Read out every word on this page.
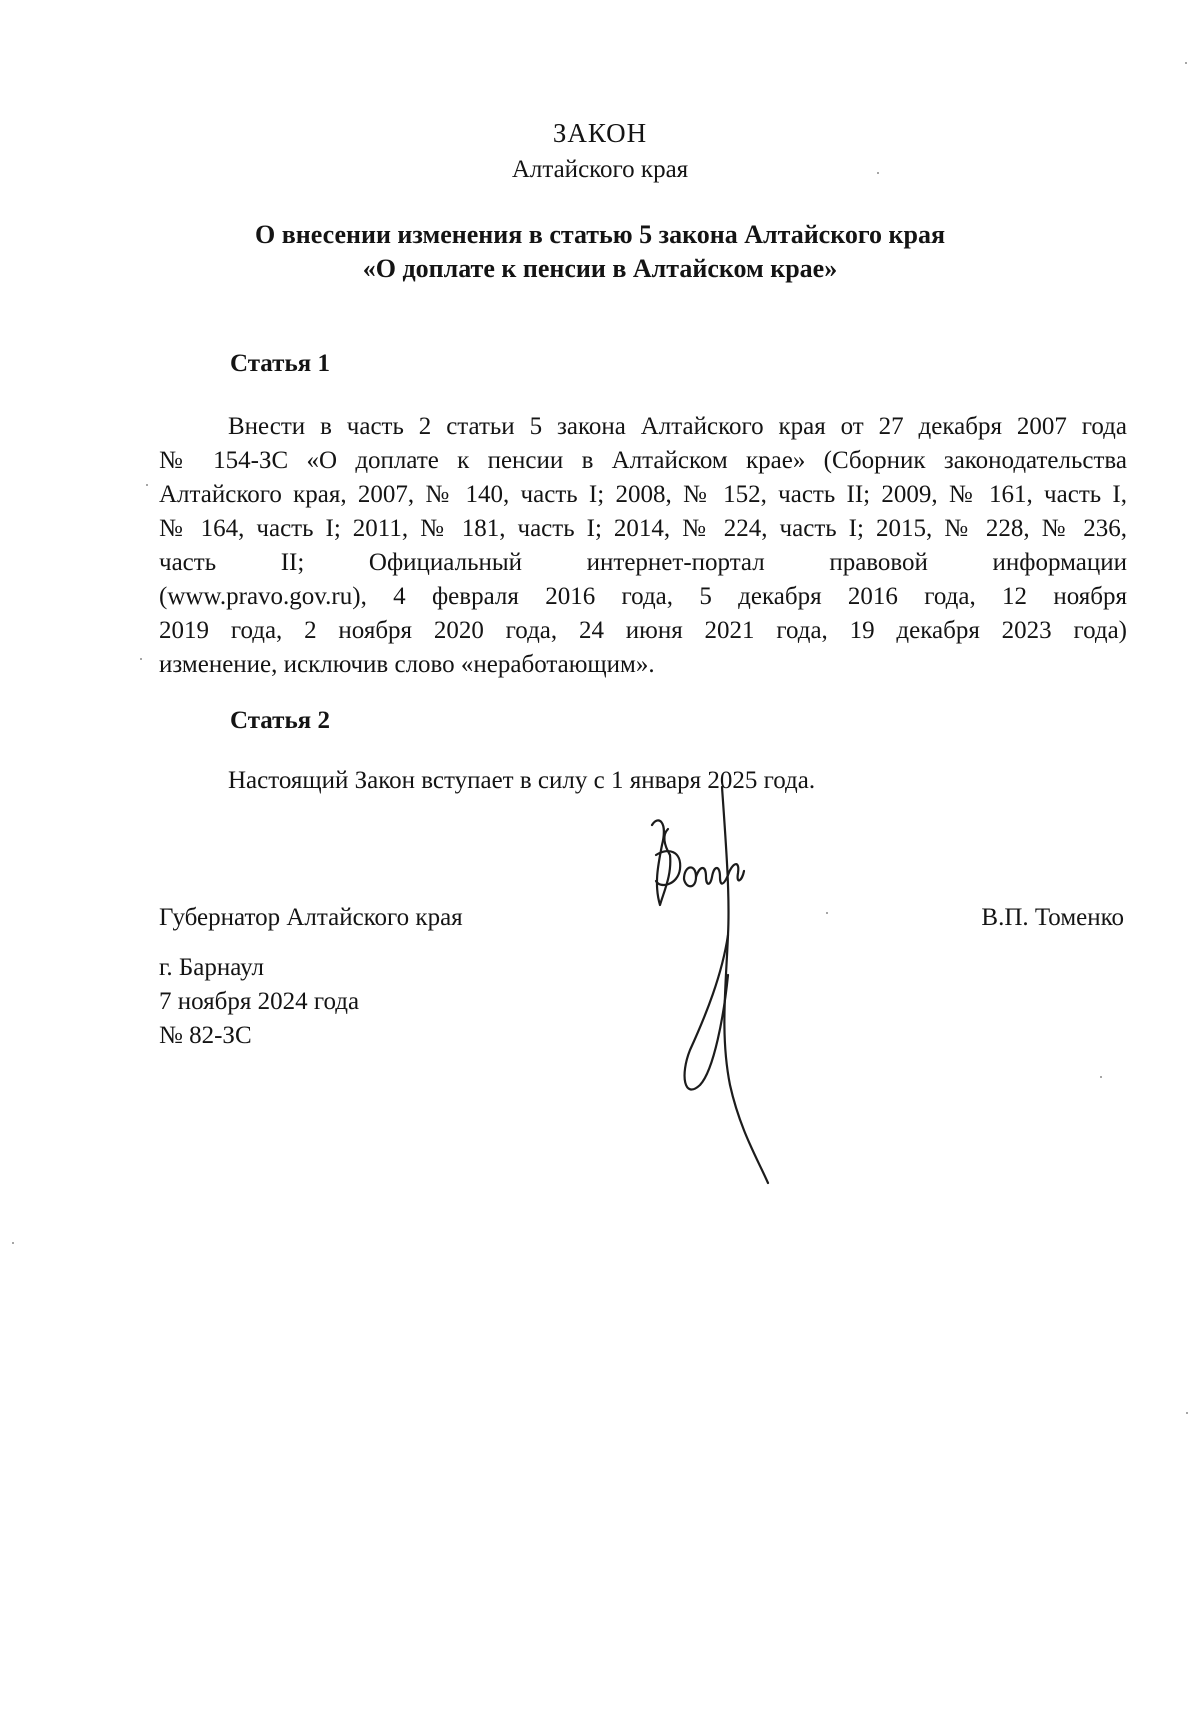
ЗАКОН
Алтайского края
О внесении изменения в статью 5 закона Алтайского края
«О доплате к пенсии в Алтайском крае»
Статья 1
Внести в часть 2 статьи 5 закона Алтайского края от 27 декабря 2007 года
№ 154-ЗС «О доплате к пенсии в Алтайском крае» (Сборник законодательства
Алтайского края, 2007, № 140, часть I; 2008, № 152, часть II; 2009, № 161, часть I,
№ 164, часть I; 2011, № 181, часть I; 2014, № 224, часть I; 2015, № 228, № 236,
часть II; Официальный интернет-портал правовой информации
(www.pravo.gov.ru), 4 февраля 2016 года, 5 декабря 2016 года, 12 ноября
2019 года, 2 ноября 2020 года, 24 июня 2021 года, 19 декабря 2023 года)
изменение, исключив слово «неработающим».
Статья 2
Настоящий Закон вступает в силу с 1 января 2025 года.
Губернатор Алтайского края	В.П. Томенко
г. Барнаул
7 ноября 2024 года
№ 82-ЗС
